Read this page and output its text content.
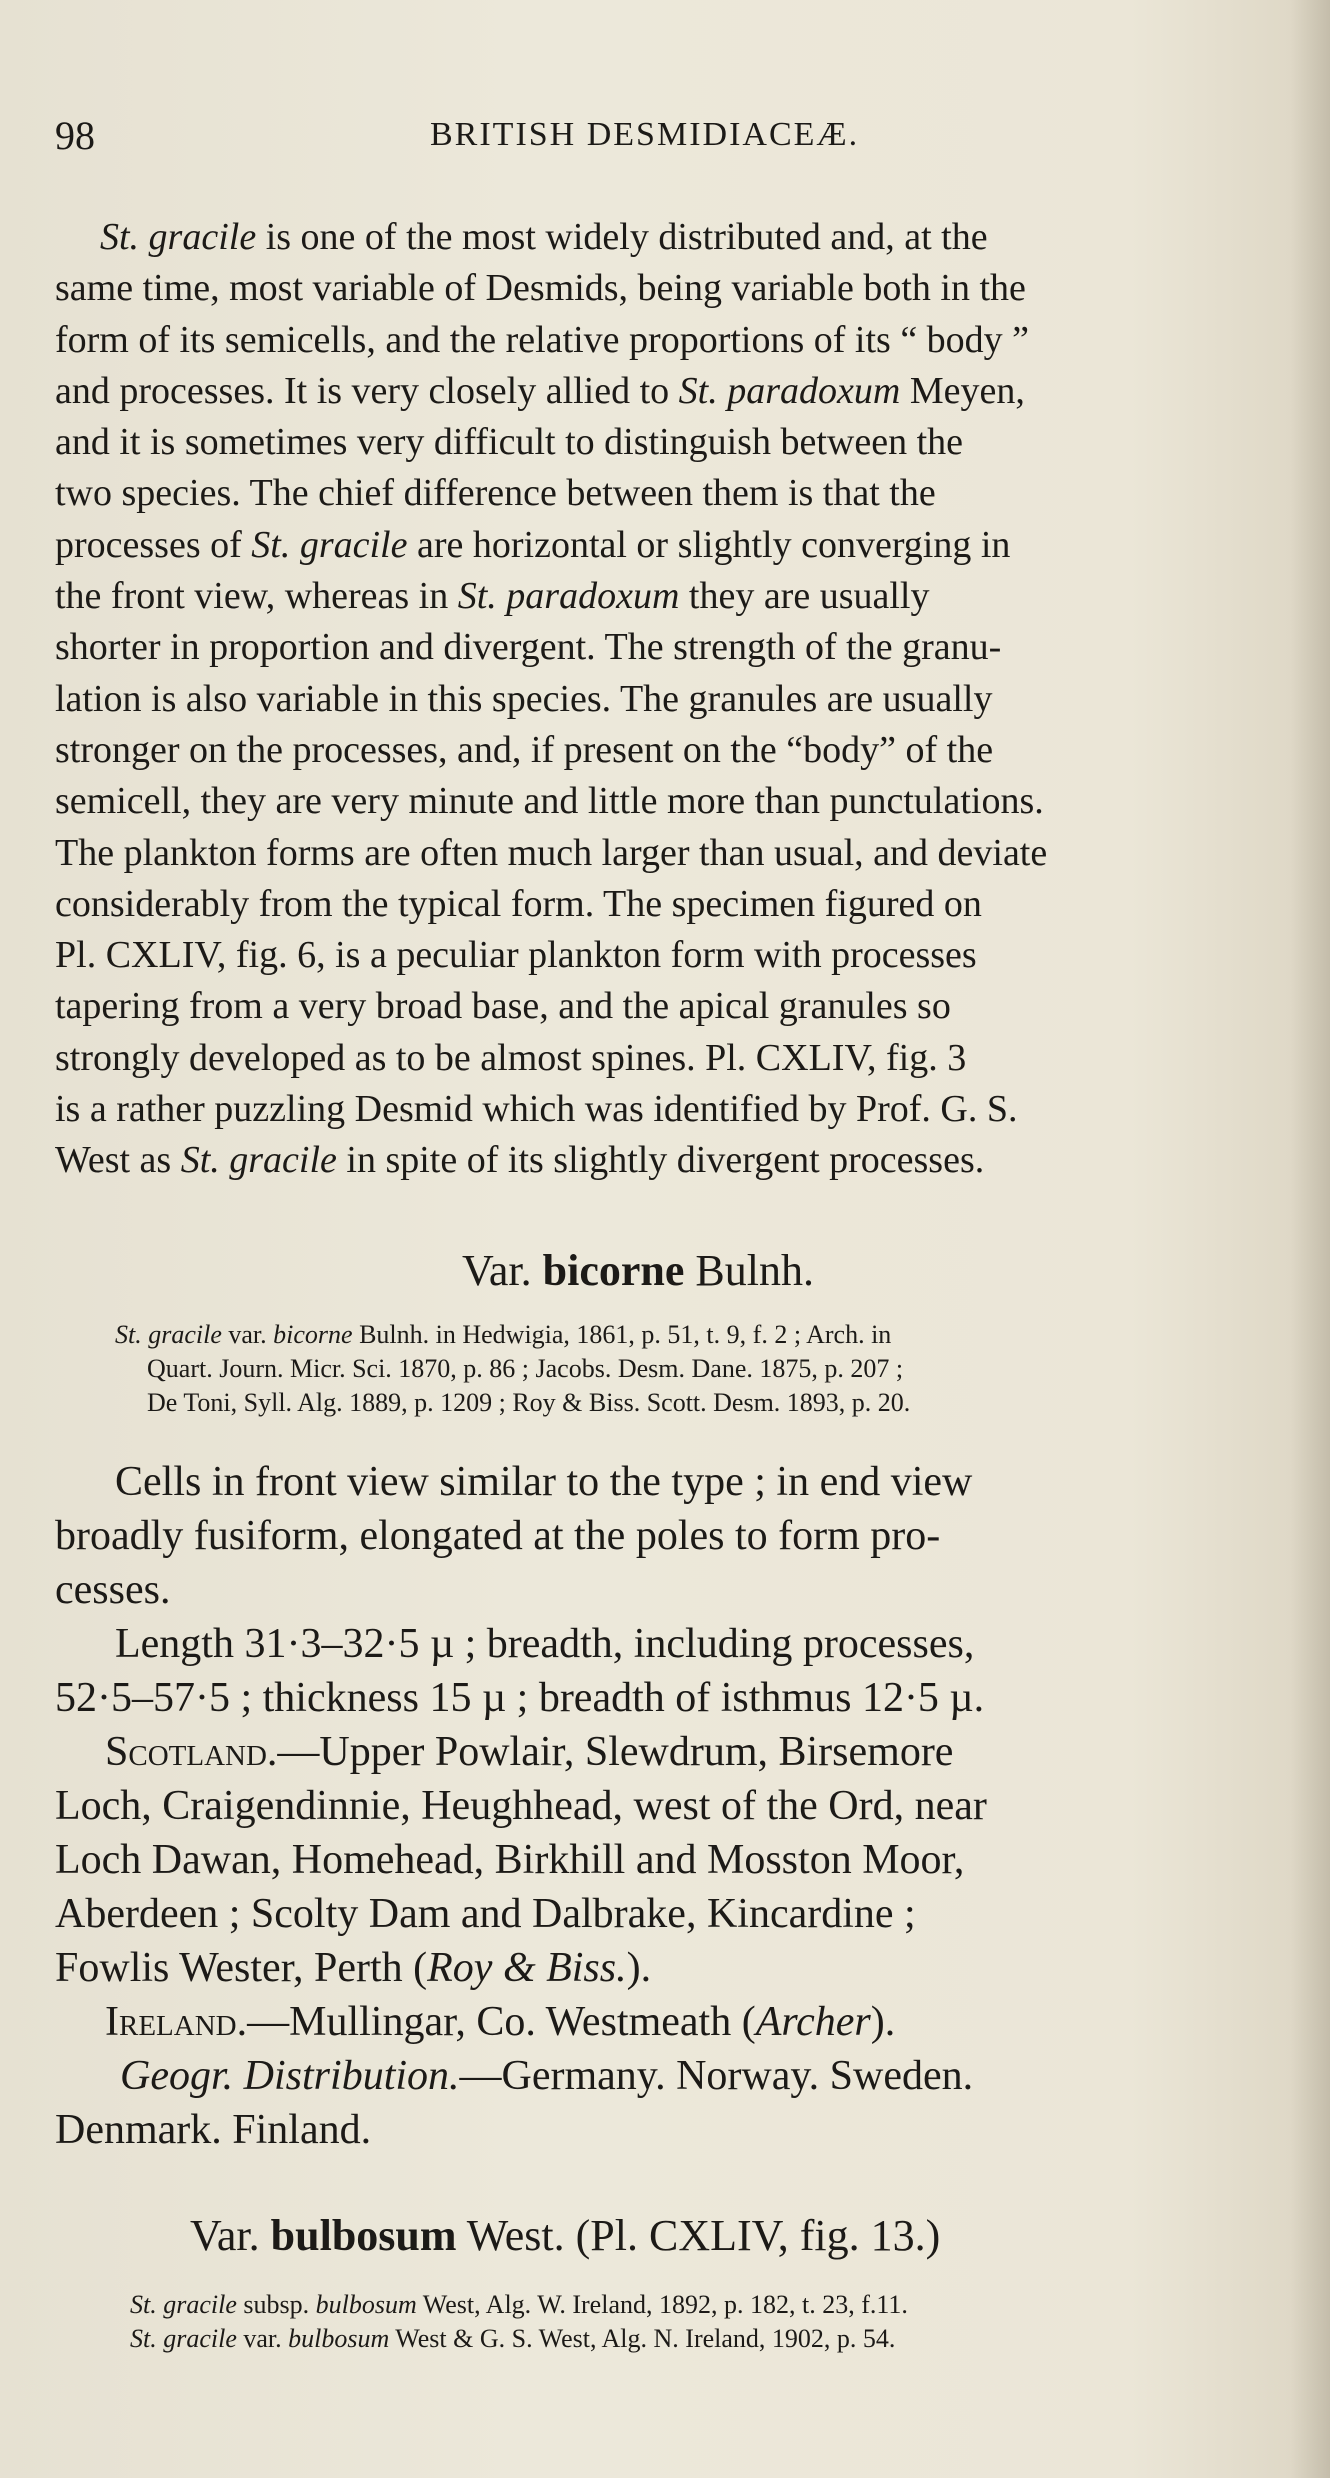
98	BRITISH DESMIDIACEÆ.
St. gracile is one of the most widely distributed and, at the
same time, most variable of Desmids, being variable both in the
form of its semicells, and the relative proportions of its “ body ”
and processes. It is very closely allied to St. paradoxum Meyen,
and it is sometimes very difficult to distinguish between the
two species. The chief difference between them is that the
processes of St. gracile are horizontal or slightly converging in
the front view, whereas in St. paradoxum they are usually
shorter in proportion and divergent. The strength of the granu-
lation is also variable in this species. The granules are usually
stronger on the processes, and, if present on the “body” of the
semicell, they are very minute and little more than punctulations.
The plankton forms are often much larger than usual, and deviate
considerably from the typical form. The specimen figured on
Pl. CXLIV, fig. 6, is a peculiar plankton form with processes
tapering from a very broad base, and the apical granules so
strongly developed as to be almost spines. Pl. CXLIV, fig. 3
is a rather puzzling Desmid which was identified by Prof. G. S.
West as St. gracile in spite of its slightly divergent processes.
Var. bicorne Bulnh.
St. gracile var. bicorne Bulnh. in Hedwigia, 1861, p. 51, t. 9, f. 2 ; Arch. in
Quart. Journ. Micr. Sci. 1870, p. 86 ; Jacobs. Desm. Dane. 1875, p. 207 ;
De Toni, Syll. Alg. 1889, p. 1209 ; Roy & Biss. Scott. Desm. 1893, p. 20.
Cells in front view similar to the type ; in end view
broadly fusiform, elongated at the poles to form pro-
cesses.
Length 31·3–32·5 µ ; breadth, including processes,
52·5–57·5 ; thickness 15 µ ; breadth of isthmus 12·5 µ.
Scotland.—Upper Powlair, Slewdrum, Birsemore
Loch, Craigendinnie, Heughhead, west of the Ord, near
Loch Dawan, Homehead, Birkhill and Mosston Moor,
Aberdeen ; Scolty Dam and Dalbrake, Kincardine ;
Fowlis Wester, Perth (Roy & Biss.).
Ireland.—Mullingar, Co. Westmeath (Archer).
Geogr. Distribution.—Germany. Norway. Sweden.
Denmark. Finland.
Var. bulbosum West. (Pl. CXLIV, fig. 13.)
St. gracile subsp. bulbosum West, Alg. W. Ireland, 1892, p. 182, t. 23, f.11.
St. gracile var. bulbosum West & G. S. West, Alg. N. Ireland, 1902, p. 54.
